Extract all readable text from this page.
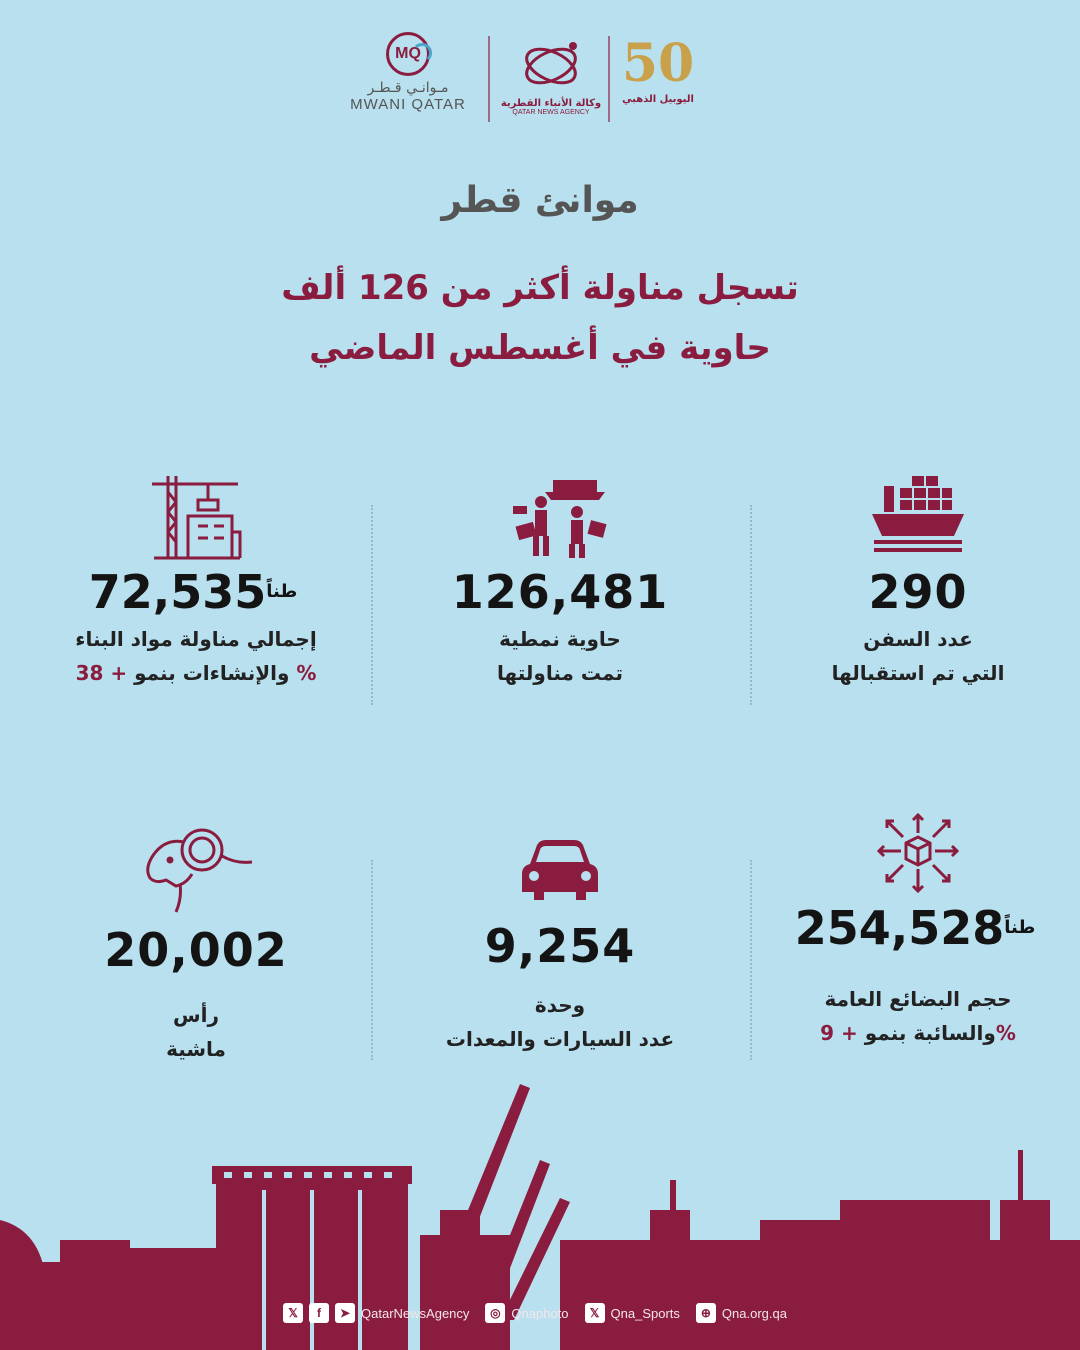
MQ
مـوانـي قـطـر
MWANI QATAR	وكالة الأنباء القطرية
QATAR NEWS AGENCY
50
اليوبيل الذهبي
موانئ قطر
تسجل مناولة أكثر من 126 ألف
حاوية في أغسطس الماضي
290
عدد السفن
التي تم استقبالها
126,481
حاوية نمطية
تمت مناولتها
$^{طناً}$72,535
إجمالي مناولة مواد البناء
والإنشاءات بنمو + 38 %
$^{طناً}$254,528
حجم البضائع العامة
والسائبة بنمو + 9%
9,254
وحدة
عدد السيارات والمعدات
20,002
رأس
ماشية
𝕏	f	➤ QatarNewsAgency	◎ Qnaphoto	𝕏 Qna_Sports	⊕ Qna.org.qa
